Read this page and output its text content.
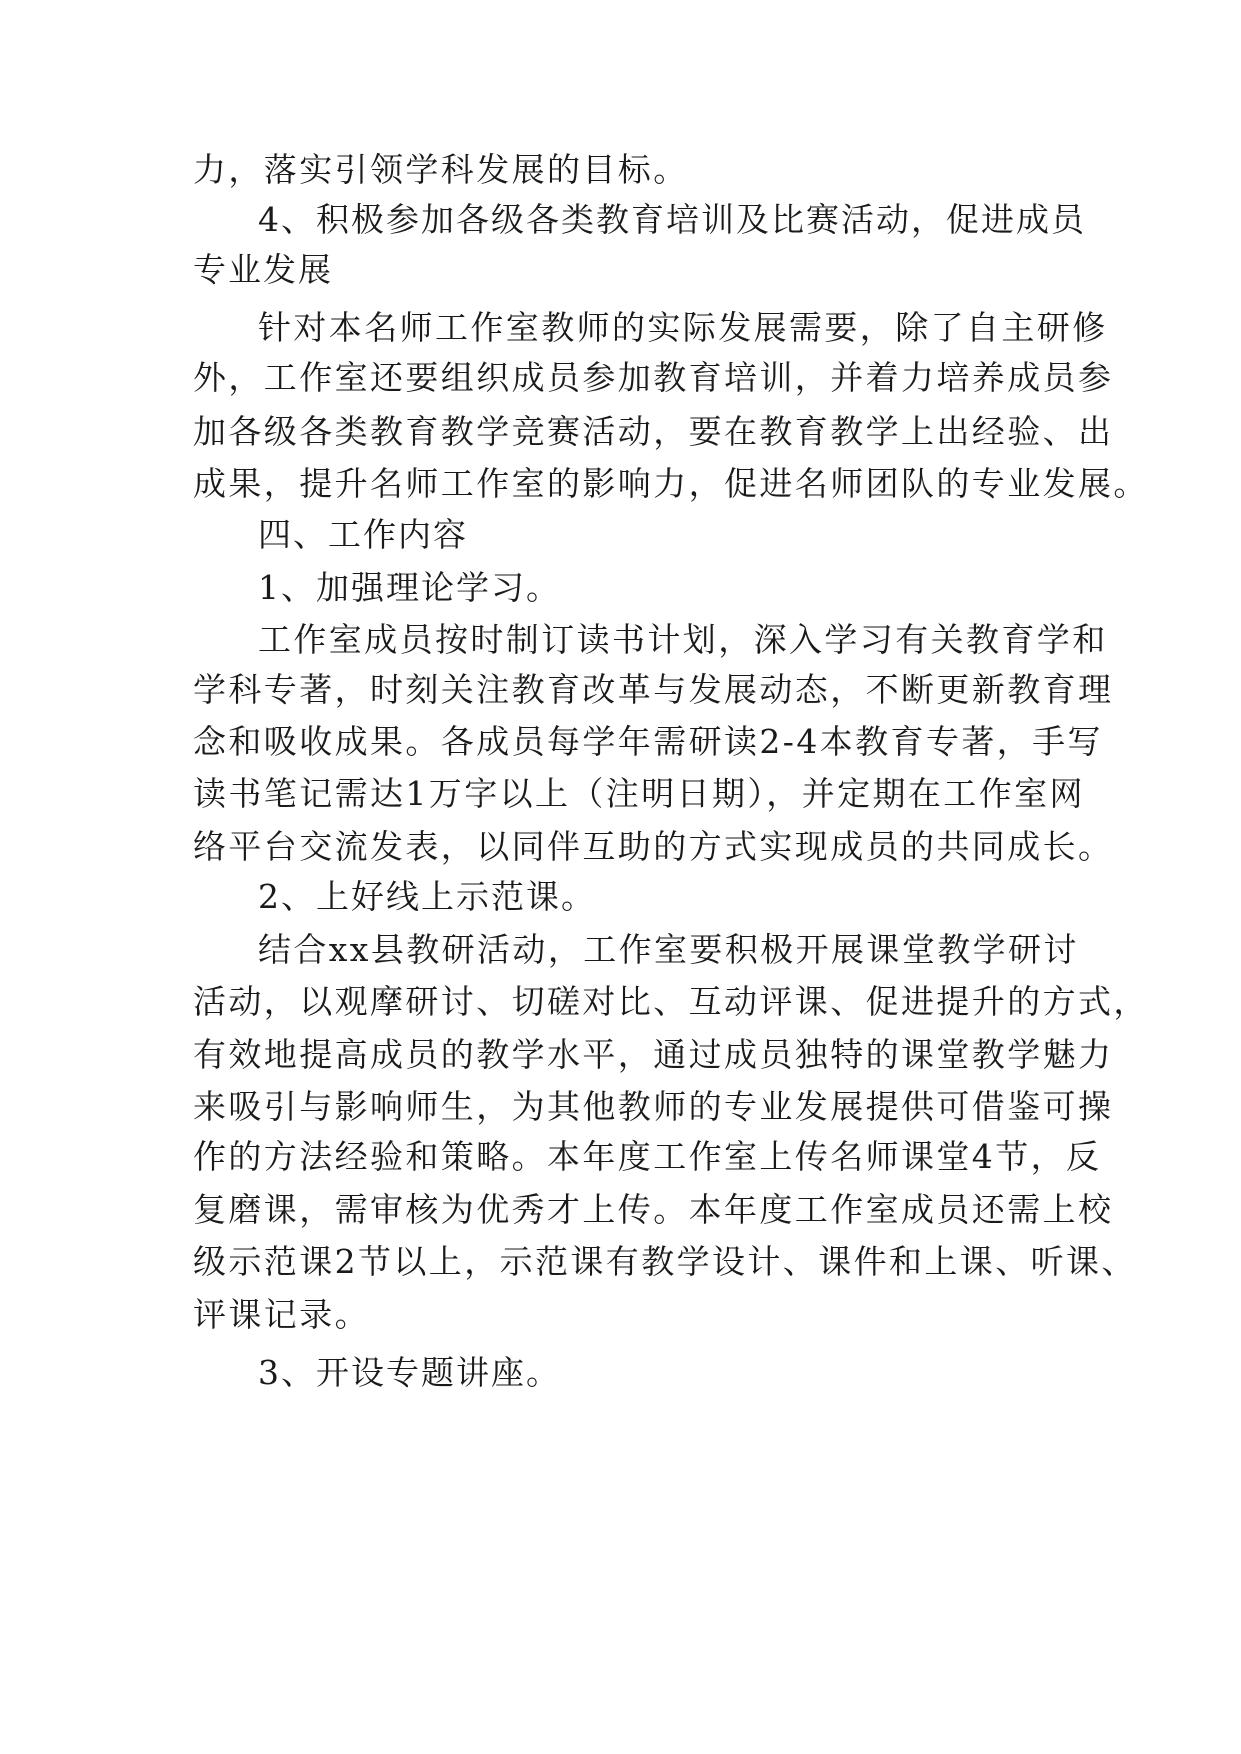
力，落实引领学科发展的目标。
4、积极参加各级各类教育培训及比赛活动，促进成员
专业发展
针对本名师工作室教师的实际发展需要，除了自主研修
外，工作室还要组织成员参加教育培训，并着力培养成员参
加各级各类教育教学竞赛活动，要在教育教学上出经验、出
成果，提升名师工作室的影响力，促进名师团队的专业发展。
四、工作内容
1、加强理论学习。
工作室成员按时制订读书计划，深入学习有关教育学和
学科专著，时刻关注教育改革与发展动态，不断更新教育理
念和吸收成果。各成员每学年需研读2-4本教育专著，手写
读书笔记需达1万字以上（注明日期），并定期在工作室网
络平台交流发表，以同伴互助的方式实现成员的共同成长。
2、上好线上示范课。
结合xx县教研活动，工作室要积极开展课堂教学研讨
活动，以观摩研讨、切磋对比、互动评课、促进提升的方式，
有效地提高成员的教学水平，通过成员独特的课堂教学魅力
来吸引与影响师生，为其他教师的专业发展提供可借鉴可操
作的方法经验和策略。本年度工作室上传名师课堂4节，反
复磨课，需审核为优秀才上传。本年度工作室成员还需上校
级示范课2节以上，示范课有教学设计、课件和上课、听课、
评课记录。
3、开设专题讲座。
